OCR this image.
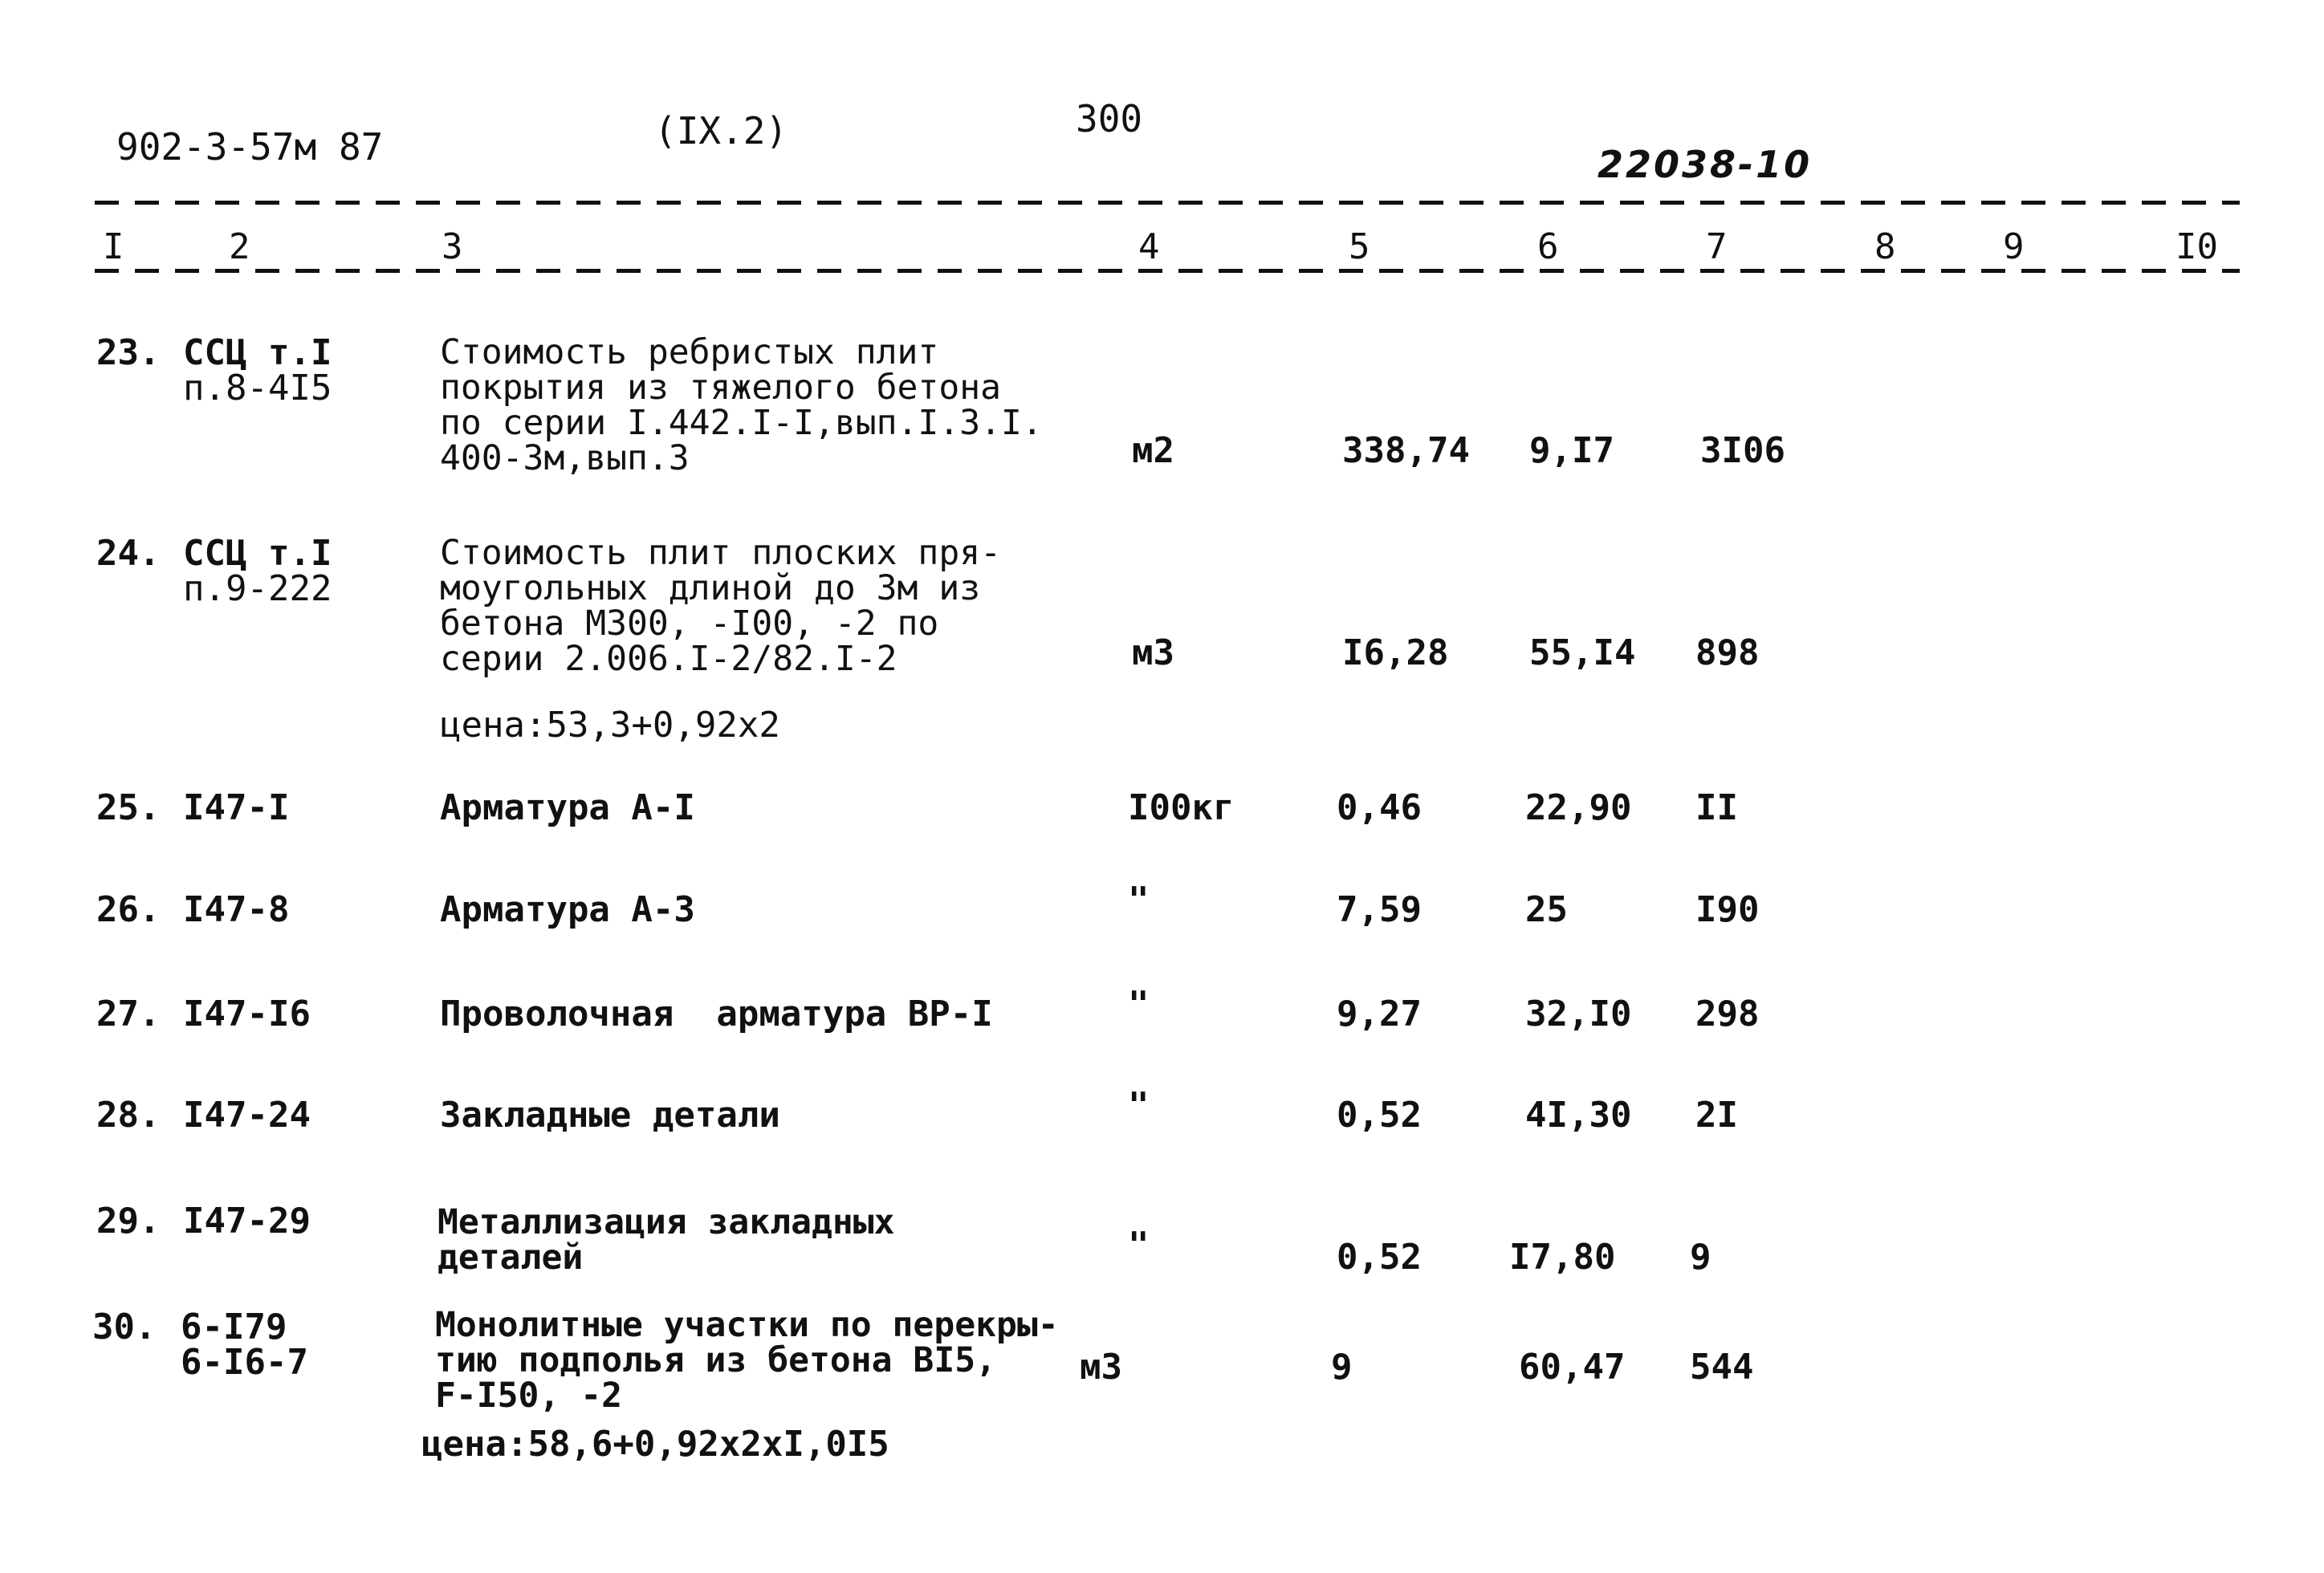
902-3-57м 87	(IX.2)	300
22038-10
I	2	3	4	5	6	7	8	9	I0
23. ССЦ т.I
п.8-4I5
Стоимость ребристых плит
покрытия из тяжелого бетона
по серии I.442.I-I,вып.I.3.I.
400-3м,вып.3	м2	338,74 9,I7 3I06
24. ССЦ т.I
п.9-222
Стоимость плит плоских пря-
моугольных длиной до 3м из
бетона М300, -I00, -2 по
серии 2.006.I-2/82.I-2
цена:53,3+0,92x2
м3	I6,28 55,I4 898
25. I47-I	Арматура А-I	I00кг	0,46	22,90 II
26. I47-8	Арматура А-3	"	7,59	25	I90
27. I47-I6	Проволочная  арматура ВР-I	"	9,27	32,I0 298
28. I47-24	Закладные детали	"	0,52	4I,30 2I
29. I47-29	Металлизация закладных
деталей	"	0,52 I7,80 9
30. 6-I79
6-I6-7
Монолитные участки по перекры-
тию подполья из бетона BI5,
F-I50, -2
цена:58,6+0,92x2xI,0I5
м3	9	60,47 544
